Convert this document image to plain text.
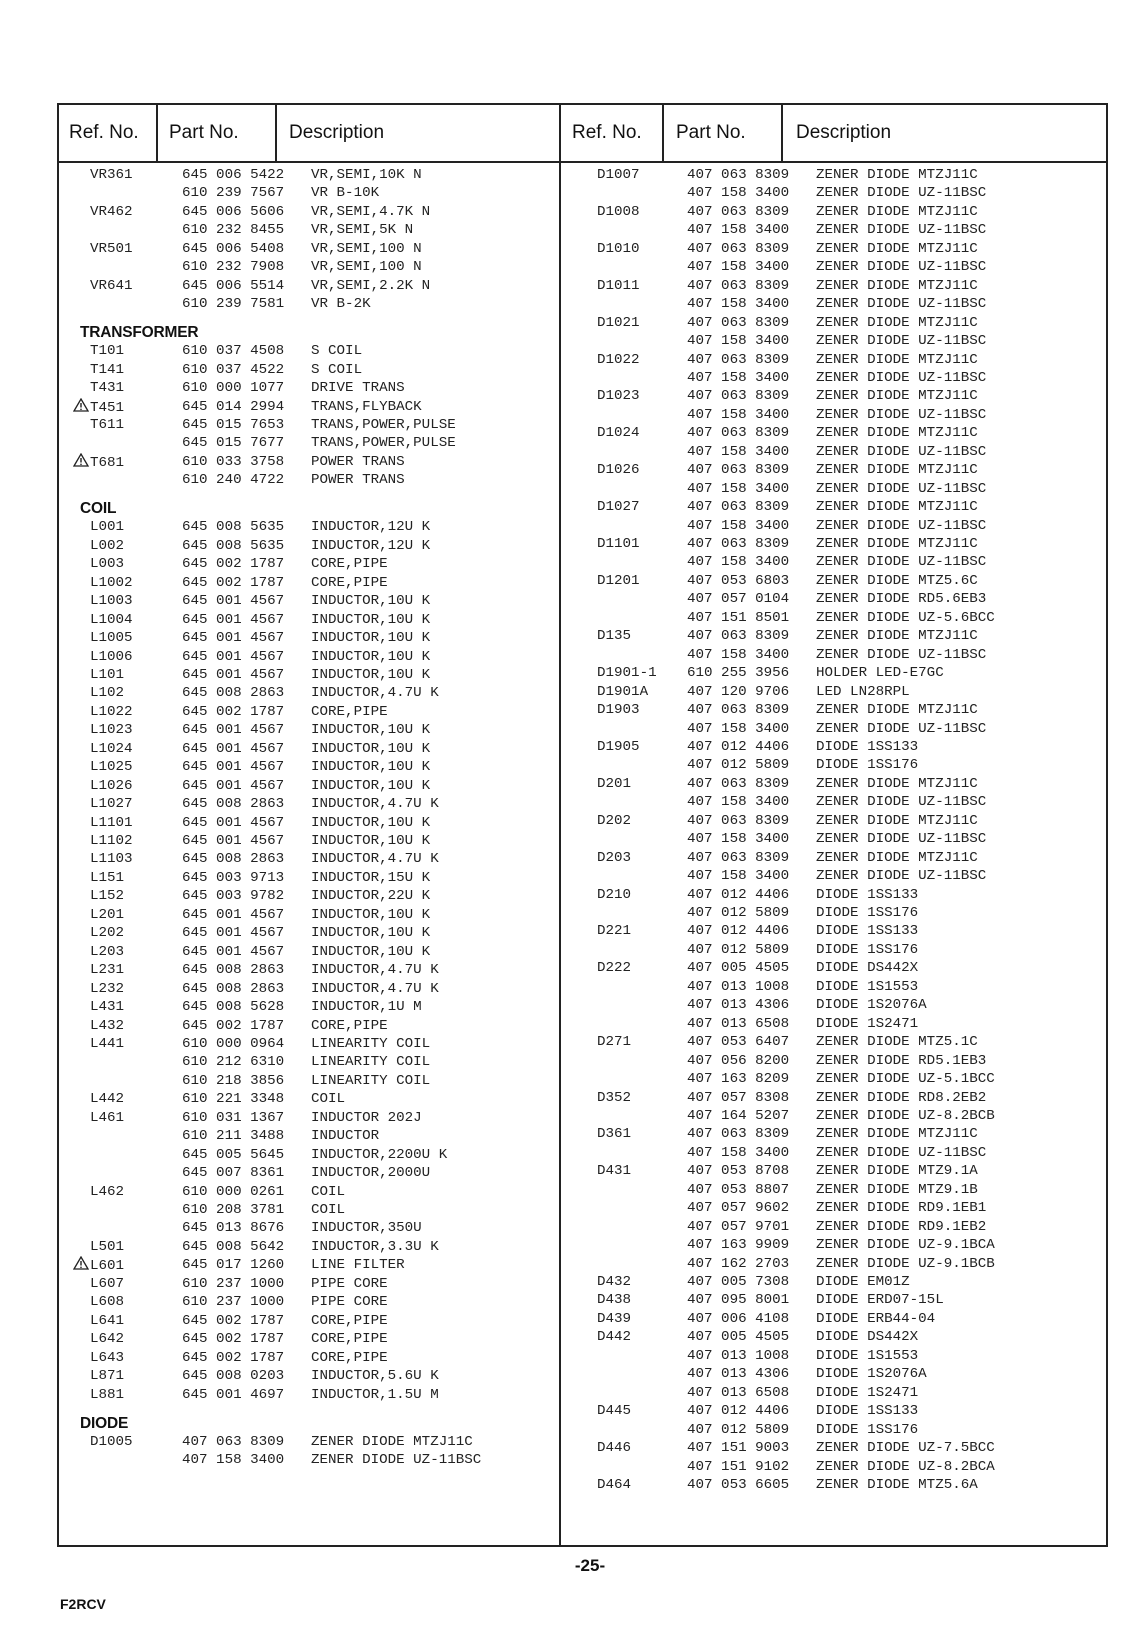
Ref. No.	Part No.	Description	Ref. No.	Part No.	Description
VR361	645 006 5422 VR,SEMI,10K N
610 239 7567 VR B-10K
VR462	645 006 5606 VR,SEMI,4.7K N
610 232 8455 VR,SEMI,5K N
VR501	645 006 5408 VR,SEMI,100 N
610 232 7908 VR,SEMI,100 N
VR641	645 006 5514 VR,SEMI,2.2K N
610 239 7581 VR B-2K
TRANSFORMER
T101	610 037 4508 S COIL
T141	610 037 4522 S COIL
T431	610 000 1077 DRIVE TRANS
T451	645 014 2994 TRANS,FLYBACK
T611	645 015 7653 TRANS,POWER,PULSE
645 015 7677 TRANS,POWER,PULSE
T681	610 033 3758 POWER TRANS
610 240 4722 POWER TRANS
COIL
L001	645 008 5635 INDUCTOR,12U K
L002	645 008 5635 INDUCTOR,12U K
L003	645 002 1787 CORE,PIPE
L1002	645 002 1787 CORE,PIPE
L1003	645 001 4567 INDUCTOR,10U K
L1004	645 001 4567 INDUCTOR,10U K
L1005	645 001 4567 INDUCTOR,10U K
L1006	645 001 4567 INDUCTOR,10U K
L101	645 001 4567 INDUCTOR,10U K
L102	645 008 2863 INDUCTOR,4.7U K
L1022	645 002 1787 CORE,PIPE
L1023	645 001 4567 INDUCTOR,10U K
L1024	645 001 4567 INDUCTOR,10U K
L1025	645 001 4567 INDUCTOR,10U K
L1026	645 001 4567 INDUCTOR,10U K
L1027	645 008 2863 INDUCTOR,4.7U K
L1101	645 001 4567 INDUCTOR,10U K
L1102	645 001 4567 INDUCTOR,10U K
L1103	645 008 2863 INDUCTOR,4.7U K
L151	645 003 9713 INDUCTOR,15U K
L152	645 003 9782 INDUCTOR,22U K
L201	645 001 4567 INDUCTOR,10U K
L202	645 001 4567 INDUCTOR,10U K
L203	645 001 4567 INDUCTOR,10U K
L231	645 008 2863 INDUCTOR,4.7U K
L232	645 008 2863 INDUCTOR,4.7U K
L431	645 008 5628 INDUCTOR,1U M
L432	645 002 1787 CORE,PIPE
L441	610 000 0964 LINEARITY COIL
610 212 6310 LINEARITY COIL
610 218 3856 LINEARITY COIL
L442	610 221 3348 COIL
L461	610 031 1367 INDUCTOR 202J
610 211 3488 INDUCTOR
645 005 5645 INDUCTOR,2200U K
645 007 8361 INDUCTOR,2000U
L462	610 000 0261 COIL
610 208 3781 COIL
645 013 8676 INDUCTOR,350U
L501	645 008 5642 INDUCTOR,3.3U K
L601	645 017 1260 LINE FILTER
L607	610 237 1000 PIPE CORE
L608	610 237 1000 PIPE CORE
L641	645 002 1787 CORE,PIPE
L642	645 002 1787 CORE,PIPE
L643	645 002 1787 CORE,PIPE
L871	645 008 0203 INDUCTOR,5.6U K
L881	645 001 4697 INDUCTOR,1.5U M
DIODE
D1005	407 063 8309 ZENER DIODE MTZJ11C
407 158 3400 ZENER DIODE UZ-11BSC
D1007	407 063 8309 ZENER DIODE MTZJ11C
407 158 3400 ZENER DIODE UZ-11BSC
D1008	407 063 8309 ZENER DIODE MTZJ11C
407 158 3400 ZENER DIODE UZ-11BSC
D1010	407 063 8309 ZENER DIODE MTZJ11C
407 158 3400 ZENER DIODE UZ-11BSC
D1011	407 063 8309 ZENER DIODE MTZJ11C
407 158 3400 ZENER DIODE UZ-11BSC
D1021	407 063 8309 ZENER DIODE MTZJ11C
407 158 3400 ZENER DIODE UZ-11BSC
D1022	407 063 8309 ZENER DIODE MTZJ11C
407 158 3400 ZENER DIODE UZ-11BSC
D1023	407 063 8309 ZENER DIODE MTZJ11C
407 158 3400 ZENER DIODE UZ-11BSC
D1024	407 063 8309 ZENER DIODE MTZJ11C
407 158 3400 ZENER DIODE UZ-11BSC
D1026	407 063 8309 ZENER DIODE MTZJ11C
407 158 3400 ZENER DIODE UZ-11BSC
D1027	407 063 8309 ZENER DIODE MTZJ11C
407 158 3400 ZENER DIODE UZ-11BSC
D1101	407 063 8309 ZENER DIODE MTZJ11C
407 158 3400 ZENER DIODE UZ-11BSC
D1201	407 053 6803 ZENER DIODE MTZ5.6C
407 057 0104 ZENER DIODE RD5.6EB3
407 151 8501 ZENER DIODE UZ-5.6BCC
D135	407 063 8309 ZENER DIODE MTZJ11C
407 158 3400 ZENER DIODE UZ-11BSC
D1901-1 610 255 3956 HOLDER LED-E7GC
D1901A	407 120 9706 LED LN28RPL
D1903	407 063 8309 ZENER DIODE MTZJ11C
407 158 3400 ZENER DIODE UZ-11BSC
D1905	407 012 4406 DIODE 1SS133
407 012 5809 DIODE 1SS176
D201	407 063 8309 ZENER DIODE MTZJ11C
407 158 3400 ZENER DIODE UZ-11BSC
D202	407 063 8309 ZENER DIODE MTZJ11C
407 158 3400 ZENER DIODE UZ-11BSC
D203	407 063 8309 ZENER DIODE MTZJ11C
407 158 3400 ZENER DIODE UZ-11BSC
D210	407 012 4406 DIODE 1SS133
407 012 5809 DIODE 1SS176
D221	407 012 4406 DIODE 1SS133
407 012 5809 DIODE 1SS176
D222	407 005 4505 DIODE DS442X
407 013 1008 DIODE 1S1553
407 013 4306 DIODE 1S2076A
407 013 6508 DIODE 1S2471
D271	407 053 6407 ZENER DIODE MTZ5.1C
407 056 8200 ZENER DIODE RD5.1EB3
407 163 8209 ZENER DIODE UZ-5.1BCC
D352	407 057 8308 ZENER DIODE RD8.2EB2
407 164 5207 ZENER DIODE UZ-8.2BCB
D361	407 063 8309 ZENER DIODE MTZJ11C
407 158 3400 ZENER DIODE UZ-11BSC
D431	407 053 8708 ZENER DIODE MTZ9.1A
407 053 8807 ZENER DIODE MTZ9.1B
407 057 9602 ZENER DIODE RD9.1EB1
407 057 9701 ZENER DIODE RD9.1EB2
407 163 9909 ZENER DIODE UZ-9.1BCA
407 162 2703 ZENER DIODE UZ-9.1BCB
D432	407 005 7308 DIODE EM01Z
D438	407 095 8001 DIODE ERD07-15L
D439	407 006 4108 DIODE ERB44-04
D442	407 005 4505 DIODE DS442X
407 013 1008 DIODE 1S1553
407 013 4306 DIODE 1S2076A
407 013 6508 DIODE 1S2471
D445	407 012 4406 DIODE 1SS133
407 012 5809 DIODE 1SS176
D446	407 151 9003 ZENER DIODE UZ-7.5BCC
407 151 9102 ZENER DIODE UZ-8.2BCA
D464	407 053 6605 ZENER DIODE MTZ5.6A
-25-
F2RCV
